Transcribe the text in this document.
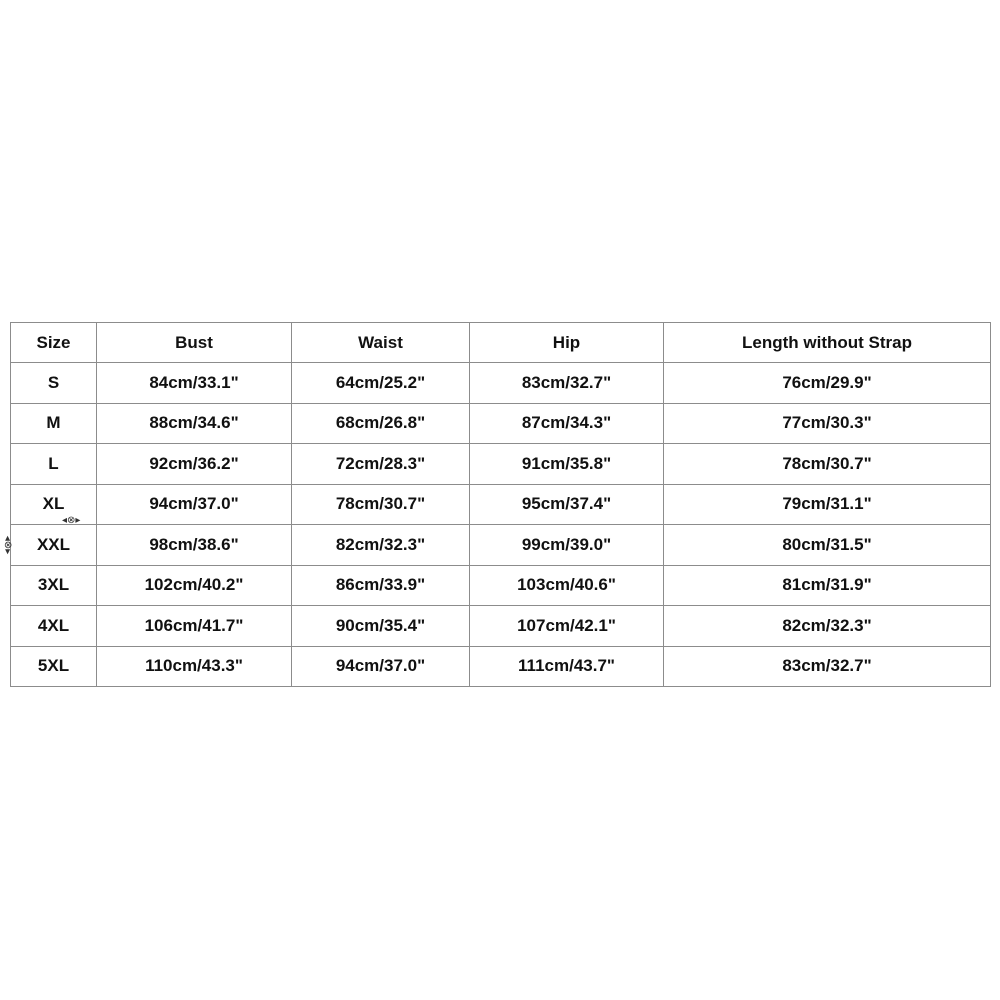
Size	Bust	Waist	Hip	Length without Strap
S	84cm/33.1"	64cm/25.2"	83cm/32.7"	76cm/29.9"
M	88cm/34.6"	68cm/26.8"	87cm/34.3"	77cm/30.3"
L	92cm/36.2"	72cm/28.3"	91cm/35.8"	78cm/30.7"
XL	94cm/37.0"	78cm/30.7"	95cm/37.4"	79cm/31.1"
XXL	98cm/38.6"	82cm/32.3"	99cm/39.0"	80cm/31.5"
3XL	102cm/40.2"	86cm/33.9"	103cm/40.6"	81cm/31.9"
4XL	106cm/41.7"	90cm/35.4"	107cm/42.1"	82cm/32.3"
5XL	110cm/43.3"	94cm/37.0"	111cm/43.7"	83cm/32.7"
◂⊗▸
◂⊗▸
